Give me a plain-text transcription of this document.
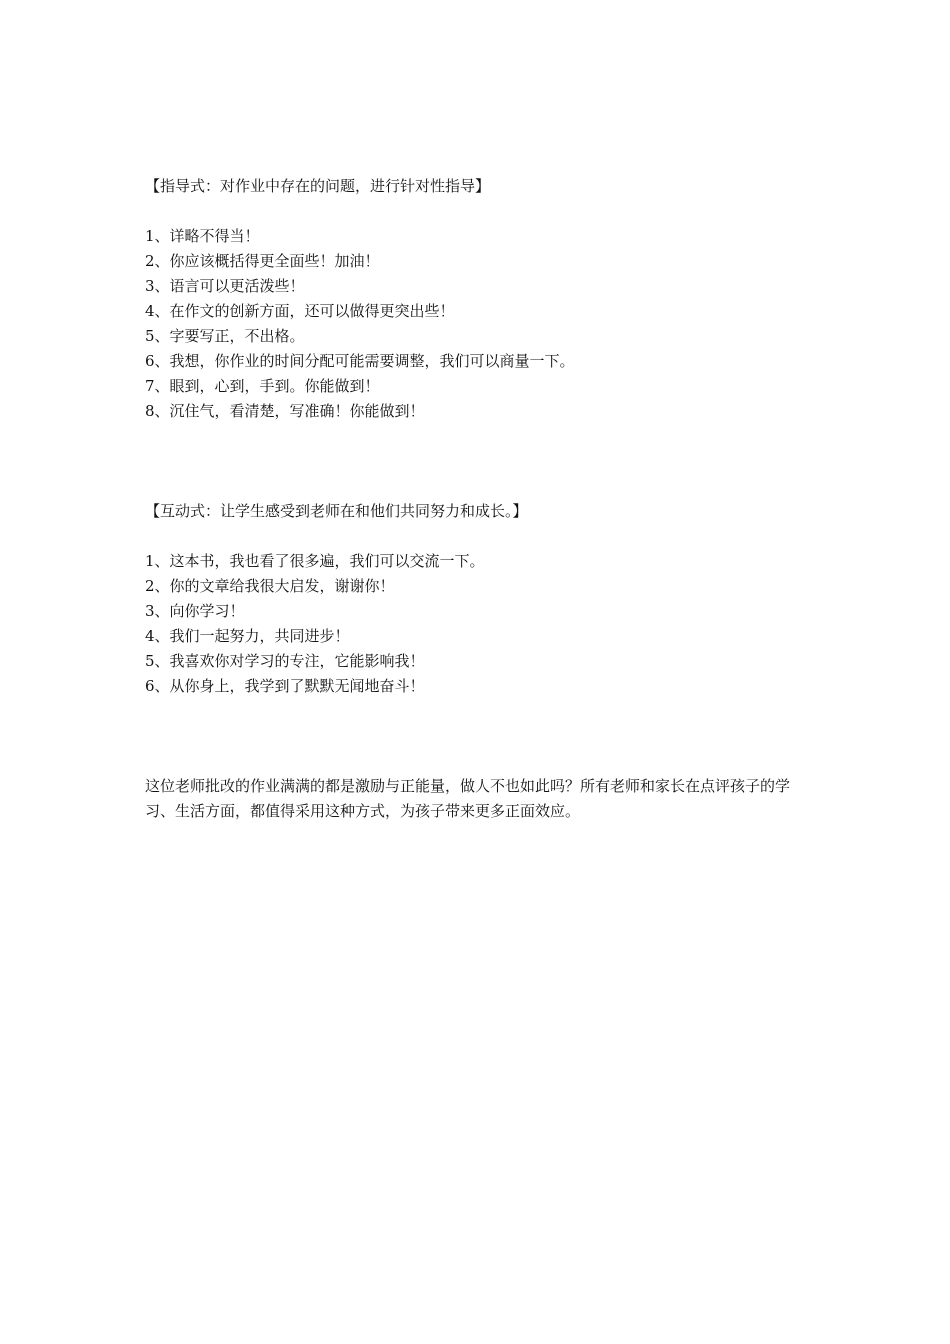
【指导式：对作业中存在的问题，进行针对性指导】
1、详略不得当！
2、你应该概括得更全面些！加油！
3、语言可以更活泼些！
4、在作文的创新方面，还可以做得更突出些！
5、字要写正，不出格。
6、我想，你作业的时间分配可能需要调整，我们可以商量一下。
7、眼到，心到，手到。你能做到！
8、沉住气，看清楚，写准确！你能做到！
【互动式：让学生感受到老师在和他们共同努力和成长。】
1、这本书，我也看了很多遍，我们可以交流一下。
2、你的文章给我很大启发，谢谢你！
3、向你学习！
4、我们一起努力，共同进步！
5、我喜欢你对学习的专注，它能影响我！
6、从你身上，我学到了默默无闻地奋斗！

这位老师批改的作业满满的都是激励与正能量，做人不也如此吗？所有老师和家长在点评孩子的学习、生活方面，都值得采用这种方式，为孩子带来更多正面效应。
